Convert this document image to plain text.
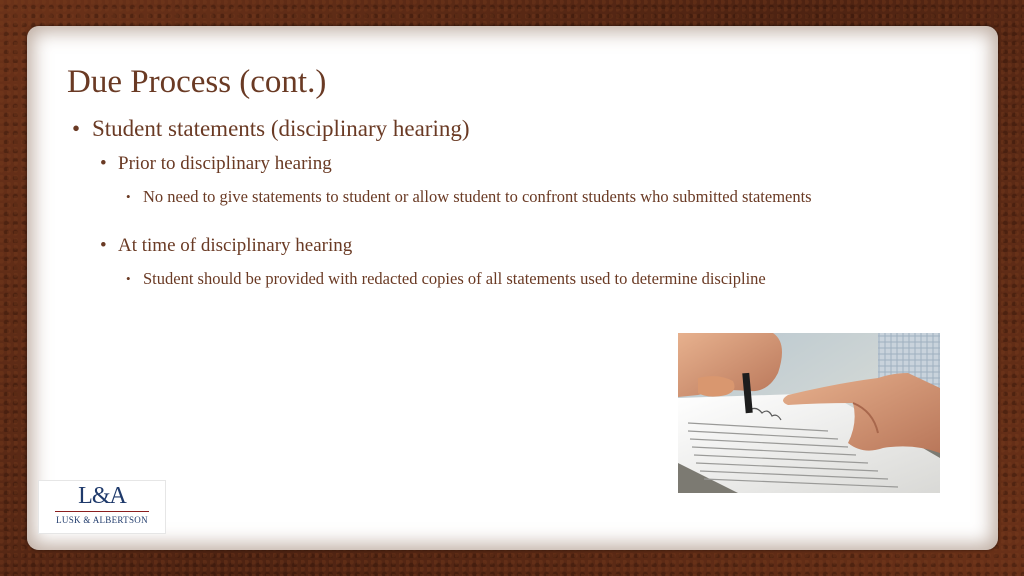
Due Process (cont.)
• Student statements (disciplinary hearing)
• Prior to disciplinary hearing
• No need to give statements to student or allow student to confront students who submitted statements
• At time of disciplinary hearing
• Student should be provided with redacted copies of all statements used to determine discipline
L&A
LUSK & ALBERTSON
